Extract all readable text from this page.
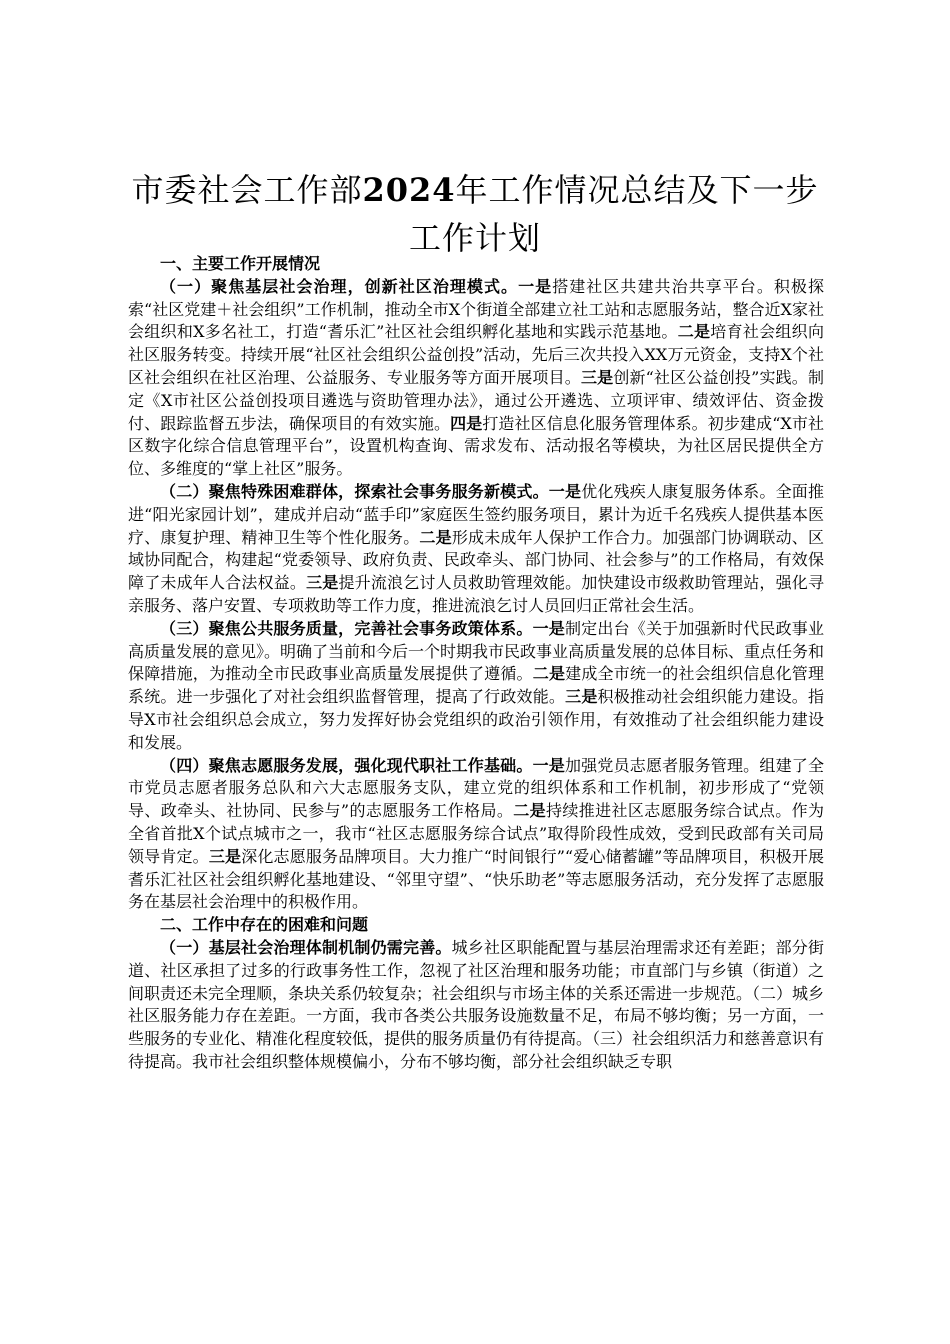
市委社会工作部2024年工作情况总结及下一步工作计划

一、主要工作开展情况

（一）聚焦基层社会治理，创新社区治理模式。一是搭建社区共建共治共享平台。积极探索“社区党建＋社会组织”工作机制，推动全市X个街道全部建立社工站和志愿服务站，整合近X家社会组织和X多名社工，打造“耆乐汇”社区社会组织孵化基地和实践示范基地。二是培育社会组织向社区服务转变。持续开展“社区社会组织公益创投”活动，先后三次共投入XX万元资金，支持X个社区社会组织在社区治理、公益服务、专业服务等方面开展项目。三是创新“社区公益创投”实践。制定《X市社区公益创投项目遴选与资助管理办法》，通过公开遴选、立项评审、绩效评估、资金拨付、跟踪监督五步法，确保项目的有效实施。四是打造社区信息化服务管理体系。初步建成“X市社区数字化综合信息管理平台”，设置机构查询、需求发布、活动报名等模块，为社区居民提供全方位、多维度的“掌上社区”服务。

（二）聚焦特殊困难群体，探索社会事务服务新模式。一是优化残疾人康复服务体系。全面推进“阳光家园计划”，建成并启动“蓝手印”家庭医生签约服务项目，累计为近千名残疾人提供基本医疗、康复护理、精神卫生等个性化服务。二是形成未成年人保护工作合力。加强部门协调联动、区域协同配合，构建起“党委领导、政府负责、民政牵头、部门协同、社会参与”的工作格局，有效保障了未成年人合法权益。三是提升流浪乞讨人员救助管理效能。加快建设市级救助管理站，强化寻亲服务、落户安置、专项救助等工作力度，推进流浪乞讨人员回归正常社会生活。

（三）聚焦公共服务质量，完善社会事务政策体系。一是制定出台《关于加强新时代民政事业高质量发展的意见》。明确了当前和今后一个时期我市民政事业高质量发展的总体目标、重点任务和保障措施，为推动全市民政事业高质量发展提供了遵循。二是建成全市统一的社会组织信息化管理系统。进一步强化了对社会组织监督管理，提高了行政效能。三是积极推动社会组织能力建设。指导X市社会组织总会成立，努力发挥好协会党组织的政治引领作用，有效推动了社会组织能力建设和发展。

（四）聚焦志愿服务发展，强化现代职社工作基础。一是加强党员志愿者服务管理。组建了全市党员志愿者服务总队和六大志愿服务支队，建立党的组织体系和工作机制，初步形成了“党领导、政牵头、社协同、民参与”的志愿服务工作格局。二是持续推进社区志愿服务综合试点。作为全省首批X个试点城市之一，我市“社区志愿服务综合试点”取得阶段性成效，受到民政部有关司局领导肯定。三是深化志愿服务品牌项目。大力推广“时间银行”“爱心储蓄罐”等品牌项目，积极开展耆乐汇社区社会组织孵化基地建设、“邻里守望”、“快乐助老”等志愿服务活动，充分发挥了志愿服务在基层社会治理中的积极作用。

二、工作中存在的困难和问题

（一）基层社会治理体制机制仍需完善。城乡社区职能配置与基层治理需求还有差距；部分街道、社区承担了过多的行政事务性工作，忽视了社区治理和服务功能；市直部门与乡镇（街道）之间职责还未完全理顺，条块关系仍较复杂；社会组织与市场主体的关系还需进一步规范。（二）城乡社区服务能力存在差距。一方面，我市各类公共服务设施数量不足，布局不够均衡；另一方面，一些服务的专业化、精准化程度较低，提供的服务质量仍有待提高。（三）社会组织活力和慈善意识有待提高。我市社会组织整体规模偏小，分布不够均衡，部分社会组织缺乏专职
